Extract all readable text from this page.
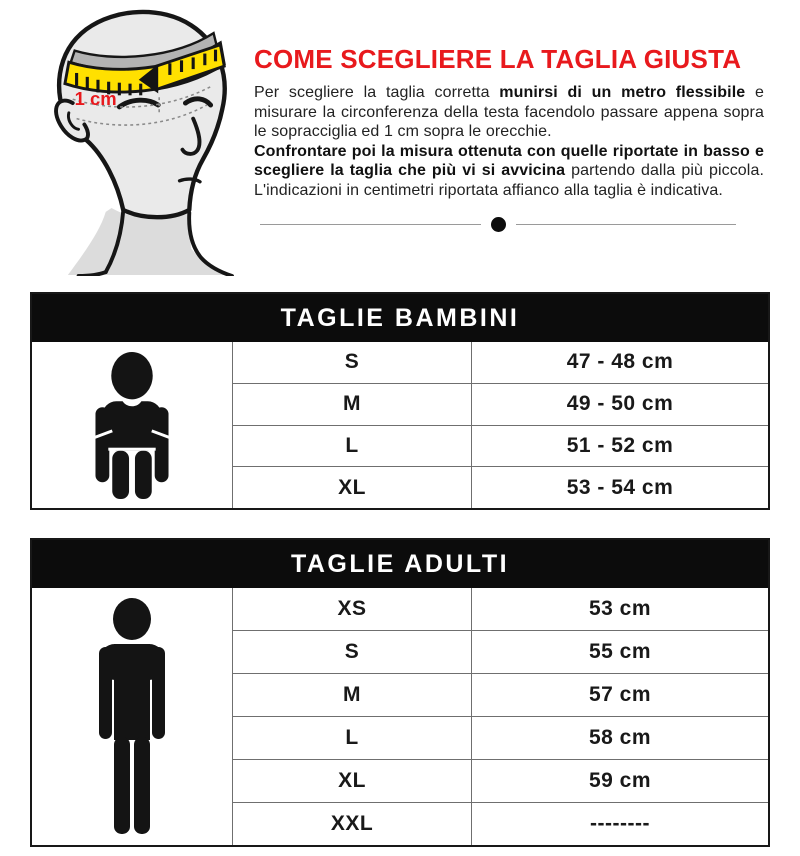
1 cm
COME SCEGLIERE LA TAGLIA GIUSTA

Per scegliere la taglia corretta munirsi di un metro flessibile e misurare la circonferenza della testa facendolo passare appena sopra le sopracciglia ed 1 cm sopra le orecchie.
Confrontare poi la misura ottenuta con quelle riportate in basso e scegliere la taglia che più vi si avvicina partendo dalla più piccola. L'indicazioni in centimetri riportata affianco alla taglia è indicativa.

TAGLIE BAMBINI
S	47 - 48 cm
M	49 - 50 cm
L	51 - 52 cm
XL	53 - 54 cm
TAGLIE ADULTI
XS	53 cm
S	55 cm
M	57 cm
L	58 cm
XL	59 cm
XXL	--------
